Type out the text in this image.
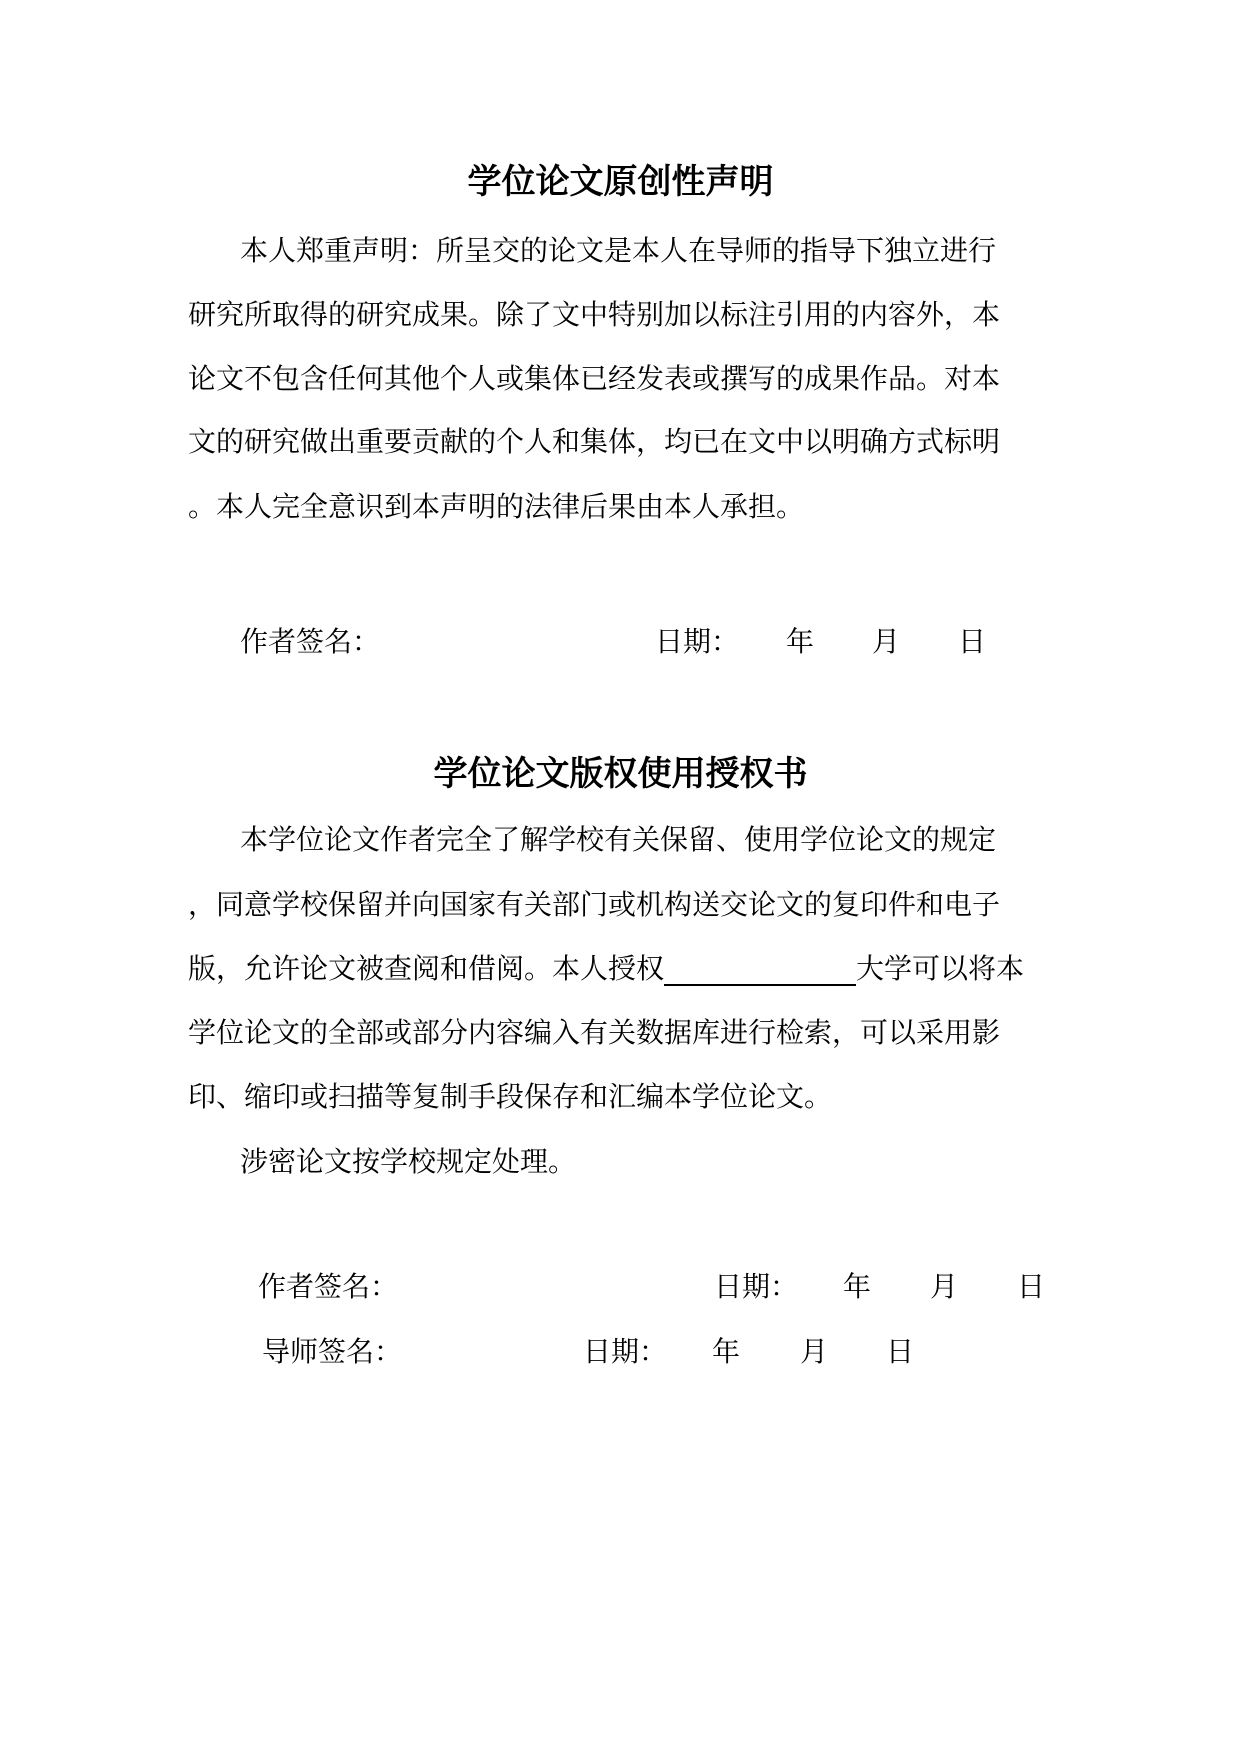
学位论文原创性声明
本人郑重声明：所呈交的论文是本人在导师的指导下独立进行
研究所取得的研究成果。除了文中特别加以标注引用的内容外，本
论文不包含任何其他个人或集体已经发表或撰写的成果作品。对本
文的研究做出重要贡献的个人和集体，均已在文中以明确方式标明
。本人完全意识到本声明的法律后果由本人承担。
作者签名：	日期： 年 月 日
学位论文版权使用授权书
本学位论文作者完全了解学校有关保留、使用学位论文的规定
，同意学校保留并向国家有关部门或机构送交论文的复印件和电子
版，允许论文被查阅和借阅。本人授权	大学可以将本
学位论文的全部或部分内容编入有关数据库进行检索，可以采用影
印、缩印或扫描等复制手段保存和汇编本学位论文。
涉密论文按学校规定处理。
作者签名：	日期： 年 月 日
导师签名：	日期： 年 月 日
